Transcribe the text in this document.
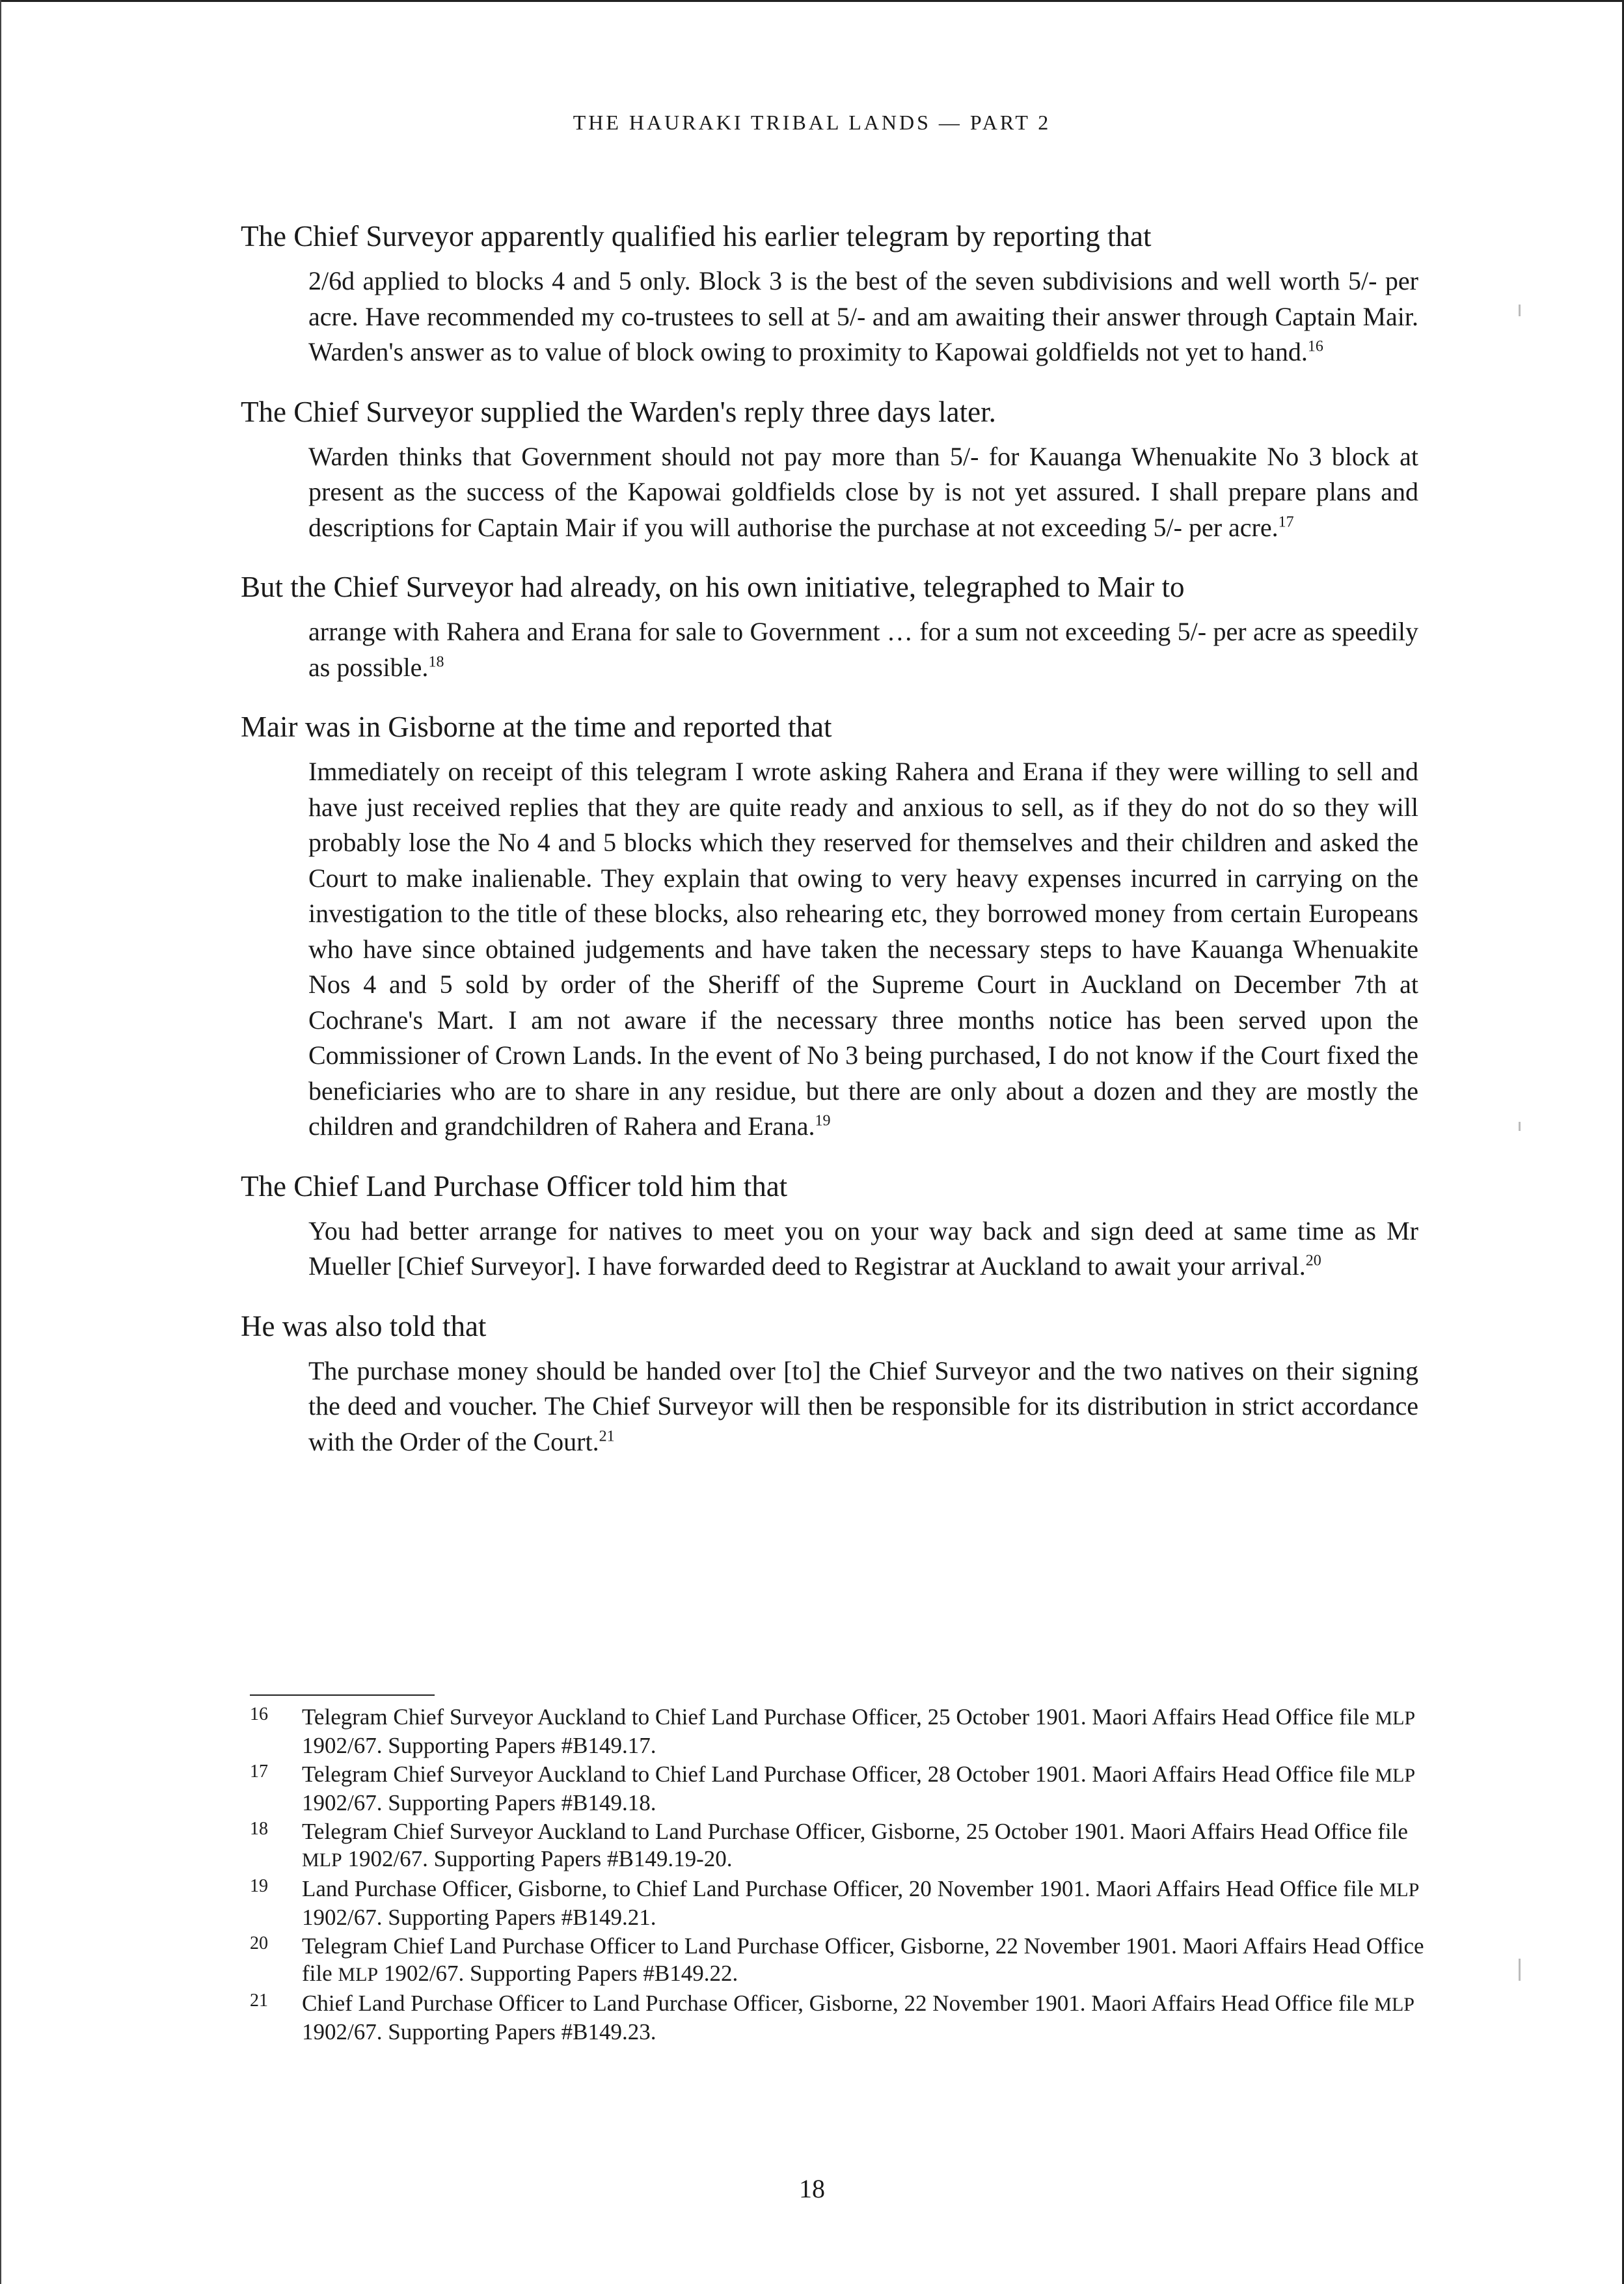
THE HAURAKI TRIBAL LANDS — PART 2

The Chief Surveyor apparently qualified his earlier telegram by reporting that

2/6d applied to blocks 4 and 5 only. Block 3 is the best of the seven subdivisions and well worth 5/- per acre. Have recommended my co-trustees to sell at 5/- and am awaiting their answer through Captain Mair. Warden's answer as to value of block owing to proximity to Kapowai goldfields not yet to hand.$^{16}$

The Chief Surveyor supplied the Warden's reply three days later.

Warden thinks that Government should not pay more than 5/- for Kauanga Whenuakite No 3 block at present as the success of the Kapowai goldfields close by is not yet assured. I shall prepare plans and descriptions for Captain Mair if you will authorise the purchase at not exceeding 5/- per acre.$^{17}$

But the Chief Surveyor had already, on his own initiative, telegraphed to Mair to

arrange with Rahera and Erana for sale to Government … for a sum not exceeding 5/- per acre as speedily as possible.$^{18}$

Mair was in Gisborne at the time and reported that

Immediately on receipt of this telegram I wrote asking Rahera and Erana if they were willing to sell and have just received replies that they are quite ready and anxious to sell, as if they do not do so they will probably lose the No 4 and 5 blocks which they reserved for themselves and their children and asked the Court to make inalienable. They explain that owing to very heavy expenses incurred in carrying on the investigation to the title of these blocks, also rehearing etc, they borrowed money from certain Europeans who have since obtained judgements and have taken the necessary steps to have Kauanga Whenuakite Nos 4 and 5 sold by order of the Sheriff of the Supreme Court in Auckland on December 7th at Cochrane's Mart. I am not aware if the necessary three months notice has been served upon the Commissioner of Crown Lands. In the event of No 3 being purchased, I do not know if the Court fixed the beneficiaries who are to share in any residue, but there are only about a dozen and they are mostly the children and grandchildren of Rahera and Erana.$^{19}$

The Chief Land Purchase Officer told him that

You had better arrange for natives to meet you on your way back and sign deed at same time as Mr Mueller [Chief Surveyor]. I have forwarded deed to Registrar at Auckland to await your arrival.$^{20}$

He was also told that

The purchase money should be handed over [to] the Chief Surveyor and the two natives on their signing the deed and voucher. The Chief Surveyor will then be responsible for its distribution in strict accordance with the Order of the Court.$^{21}$

16 Telegram Chief Surveyor Auckland to Chief Land Purchase Officer, 25 October 1901. Maori Affairs Head Office file MLP 1902/67. Supporting Papers #B149.17.
17 Telegram Chief Surveyor Auckland to Chief Land Purchase Officer, 28 October 1901. Maori Affairs Head Office file MLP 1902/67. Supporting Papers #B149.18.
18 Telegram Chief Surveyor Auckland to Land Purchase Officer, Gisborne, 25 October 1901. Maori Affairs Head Office file MLP 1902/67. Supporting Papers #B149.19-20.
19 Land Purchase Officer, Gisborne, to Chief Land Purchase Officer, 20 November 1901. Maori Affairs Head Office file MLP 1902/67. Supporting Papers #B149.21.
20 Telegram Chief Land Purchase Officer to Land Purchase Officer, Gisborne, 22 November 1901. Maori Affairs Head Office file MLP 1902/67. Supporting Papers #B149.22.
21 Chief Land Purchase Officer to Land Purchase Officer, Gisborne, 22 November 1901. Maori Affairs Head Office file MLP 1902/67. Supporting Papers #B149.23.
18
